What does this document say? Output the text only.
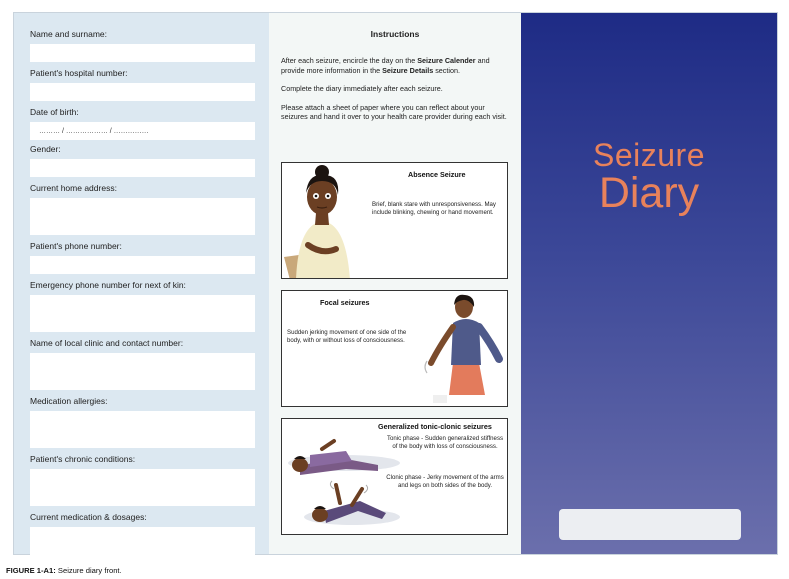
Name and surname:
Patient's hospital number:
Date of birth:
……… / ……………… / ……………
Gender:
Current home address:
Patient's phone number:
Emergency phone number for next of kin:
Name of local clinic and contact number:
Medication allergies:
Patient's chronic conditions:
Current medication & dosages:
Instructions

After each seizure, encircle the day on the Seizure Calender and provide more information in the Seizure Details section.

Complete the diary immediately after each seizure.

Please attach a sheet of paper where you can reflect about your seizures and hand it over to your health care provider during each visit.

Absence Seizure
Brief, blank stare with unresponsiveness. May include blinking, chewing or hand movement.
Focal seizures
Sudden jerking movement of one side of the body, with or without loss of consciousness.
Generalized tonic-clonic seizures
Tonic phase - Sudden generalized stiffness of the body with loss of consciousness.
Clonic phase - Jerky movement of the arms and legs on both sides of the body.
Seizure
Diary
FIGURE 1-A1: Seizure diary front.
